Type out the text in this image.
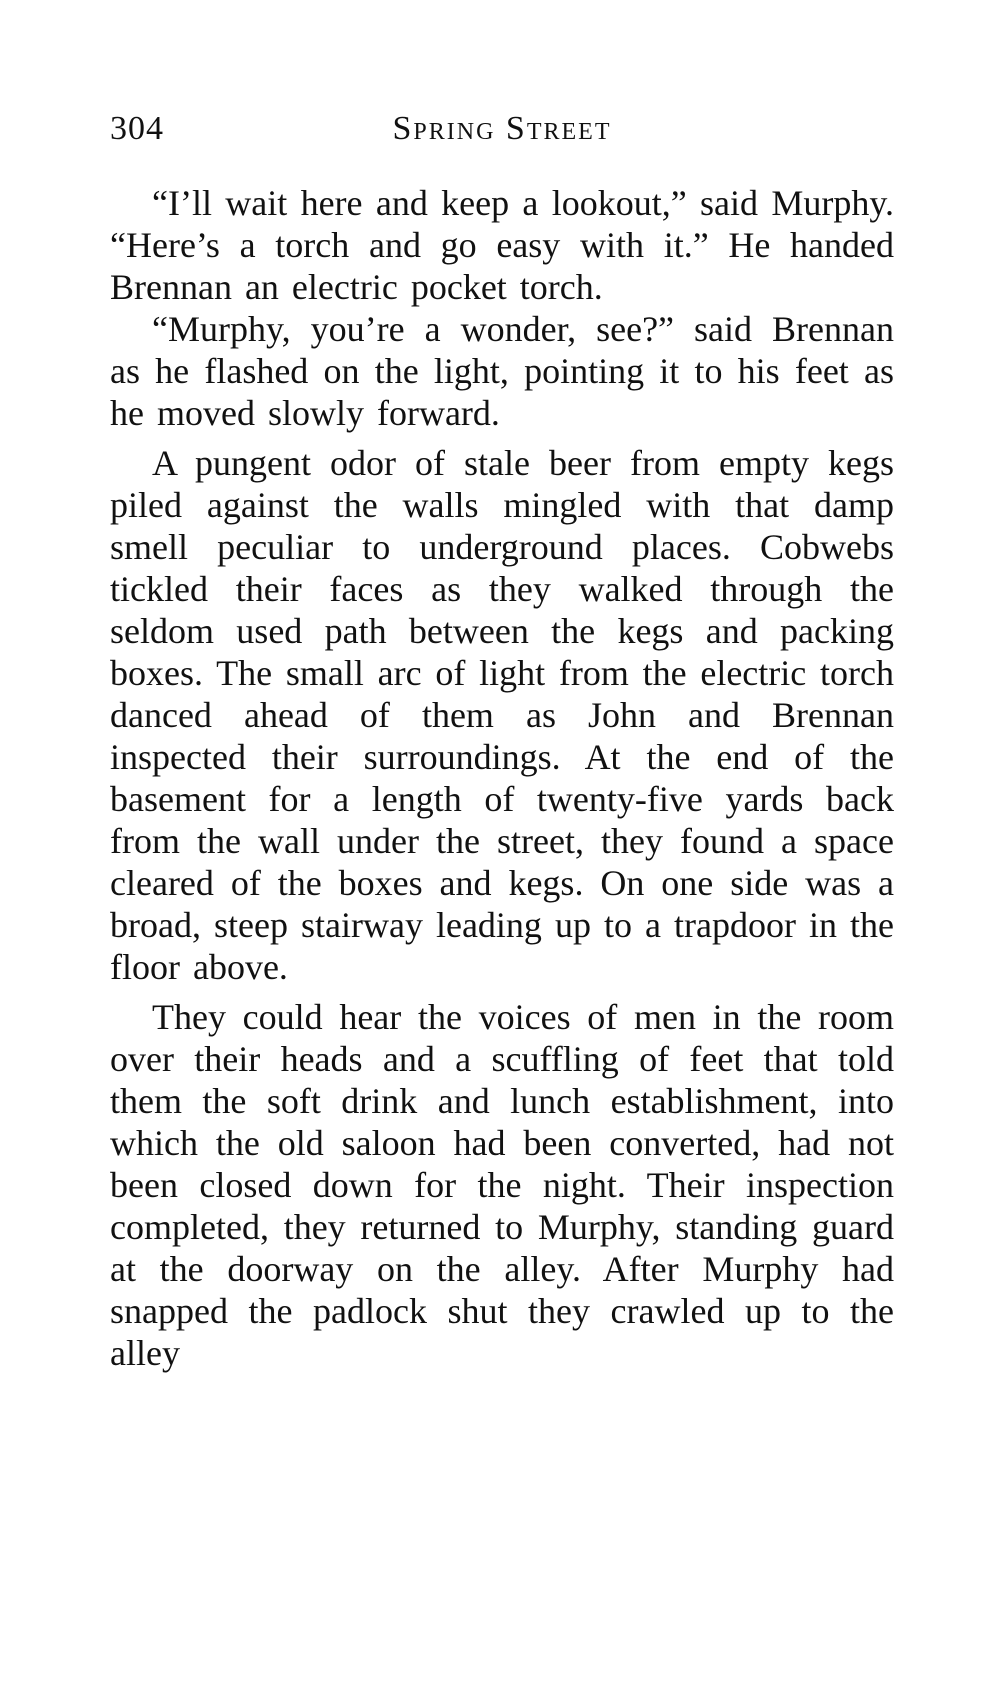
304	Spring Street

“I’ll wait here and keep a lookout,” said Murphy. “Here’s a torch and go easy with it.” He handed Brennan an electric pocket torch.

“Murphy, you’re a wonder, see?” said Brennan as he flashed on the light, pointing it to his feet as he moved slowly forward.

A pungent odor of stale beer from empty kegs piled against the walls mingled with that damp smell peculiar to underground places. Cobwebs tickled their faces as they walked through the seldom used path between the kegs and packing boxes. The small arc of light from the electric torch danced ahead of them as John and Brennan inspected their surroundings. At the end of the basement for a length of twenty-five yards back from the wall under the street, they found a space cleared of the boxes and kegs. On one side was a broad, steep stairway leading up to a trapdoor in the floor above.

They could hear the voices of men in the room over their heads and a scuffling of feet that told them the soft drink and lunch establishment, into which the old saloon had been converted, had not been closed down for the night. Their inspection completed, they returned to Murphy, standing guard at the doorway on the alley. After Murphy had snapped the padlock shut they crawled up to the alley
